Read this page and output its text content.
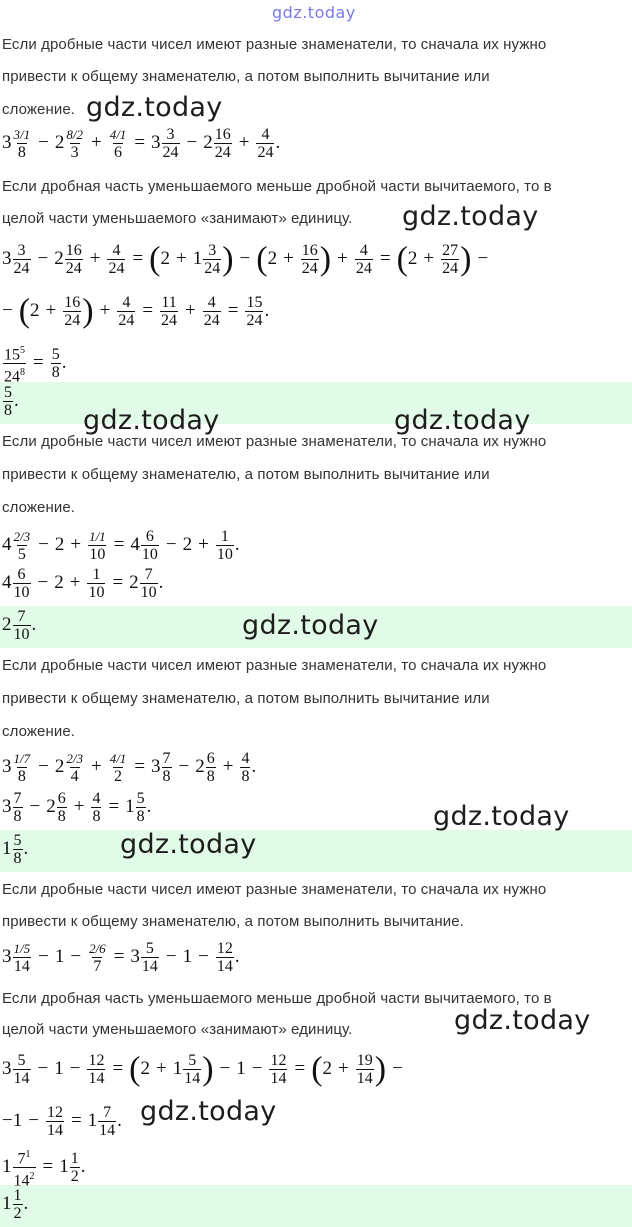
gdz.today
Если дробные части чисел имеют разные знаменатели, то сначала их нужно
привести к общему знаменателю, а потом выполнить вычитание или
сложение. gdz.today
$3 \frac{3/1}{8} - 2 \frac{8/2}{3} + \frac{4/1}{6} = 3 \frac{3}{24} - 2 \frac{16}{24} + \frac{4}{24}$ .
Если дробная часть уменьшаемого меньше дробной части вычитаемого, то в
целой части уменьшаемого «занимают» единицу. gdz.today
$3 \frac{3}{24} - 2 \frac{16}{24} + \frac{4}{24} = (2 + 1 \frac{3}{24}$ ) − ($2 + \frac{16}{24}$ ) + $\frac{4}{24} = (2 + \frac{27}{24}$ ) −
− ($2 + \frac{16}{24}$ ) + $\frac{4}{24} = \frac{11}{24} + \frac{4}{24} = \frac{15}{24}$ .
$\frac{15^5}{24^8} = \frac{5}{8}$ .
$\frac{5}{8}$ .
gdz.today	gdz.today
Если дробные части чисел имеют разные знаменатели, то сначала их нужно
привести к общему знаменателю, а потом выполнить вычитание или
сложение.
$4 \frac{2/3}{5} - 2 + \frac{1/1}{10} = 4 \frac{6}{10} - 2 + \frac{1}{10}$ .
$4 \frac{6}{10} - 2 + \frac{1}{10} = 2 \frac{7}{10}$ .
$2 \frac{7}{10}$ .	gdz.today
Если дробные части чисел имеют разные знаменатели, то сначала их нужно
привести к общему знаменателю, а потом выполнить вычитание или
сложение.
$3 \frac{1/7}{8} - 2 \frac{2/3}{4} + \frac{4/1}{2} = 3 \frac{7}{8} - 2 \frac{6}{8} + \frac{4}{8}$ .
$3 \frac{7}{8} - 2 \frac{6}{8} + \frac{4}{8} = 1 \frac{5}{8}$ .	gdz.today
$1 \frac{5}{8}$ .	gdz.today
Если дробные части чисел имеют разные знаменатели, то сначала их нужно
привести к общему знаменателю, а потом выполнить вычитание.
$3 \frac{1/5}{14} - 1 - \frac{2/6}{7} = 3 \frac{5}{14} - 1 - \frac{12}{14}$ .
Если дробная часть уменьшаемого меньше дробной части вычитаемого, то в
целой части уменьшаемого «занимают» единицу.	gdz.today
$3 \frac{5}{14} - 1 - \frac{12}{14} = (2 + 1 \frac{5}{14}$ ) − $1 - \frac{12}{14} = (2 + \frac{19}{14}$ ) −
$-1 - \frac{12}{14} = 1 \frac{7}{14}$ . gdz.today
$1 \frac{7^1}{14^2} = 1 \frac{1}{2}$ .
$1 \frac{1}{2}$ .
